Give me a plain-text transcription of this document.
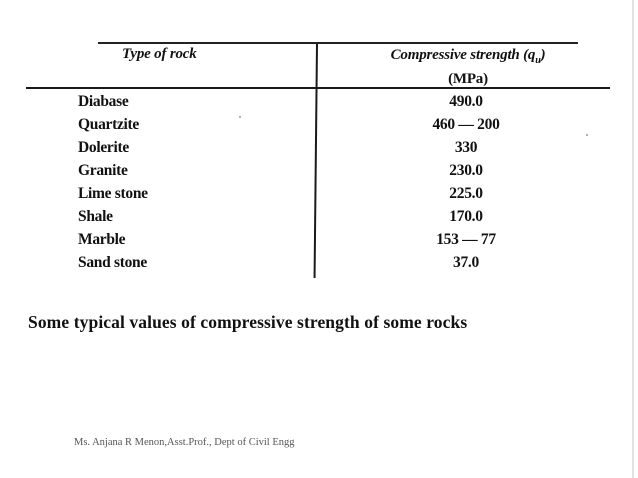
Type of rock	Compressive strength $(q_u)$
(MPa)
Diabase	490.0
Quartzite	460 — 200
Dolerite	330
Granite	230.0
Lime stone	225.0
Shale	170.0
Marble	153 — 77
Sand stone	37.0
Some typical values of compressive strength of some rocks
Ms. Anjana R Menon,Asst.Prof., Dept of Civil Engg
